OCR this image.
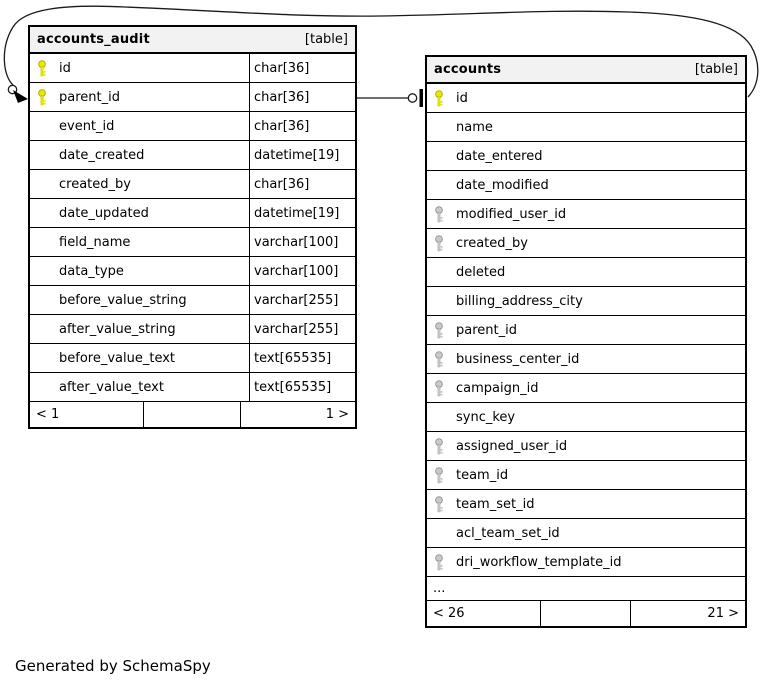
accounts_audit	[table]
id	char[36]
parent_id	char[36]
event_id	char[36]
date_created	datetime[19]
created_by	char[36]
date_updated	datetime[19]
field_name	varchar[100]
data_type	varchar[100]
before_value_string	varchar[255]
after_value_string	varchar[255]
before_value_text	text[65535]
after_value_text	text[65535]
< 1	1 >
accounts	[table]
id
name
date_entered
date_modified
modified_user_id
created_by
deleted
billing_address_city
parent_id
business_center_id
campaign_id
sync_key
assigned_user_id
team_id
team_set_id
acl_team_set_id
dri_workflow_template_id
...
< 26	21 >
Generated by SchemaSpy
